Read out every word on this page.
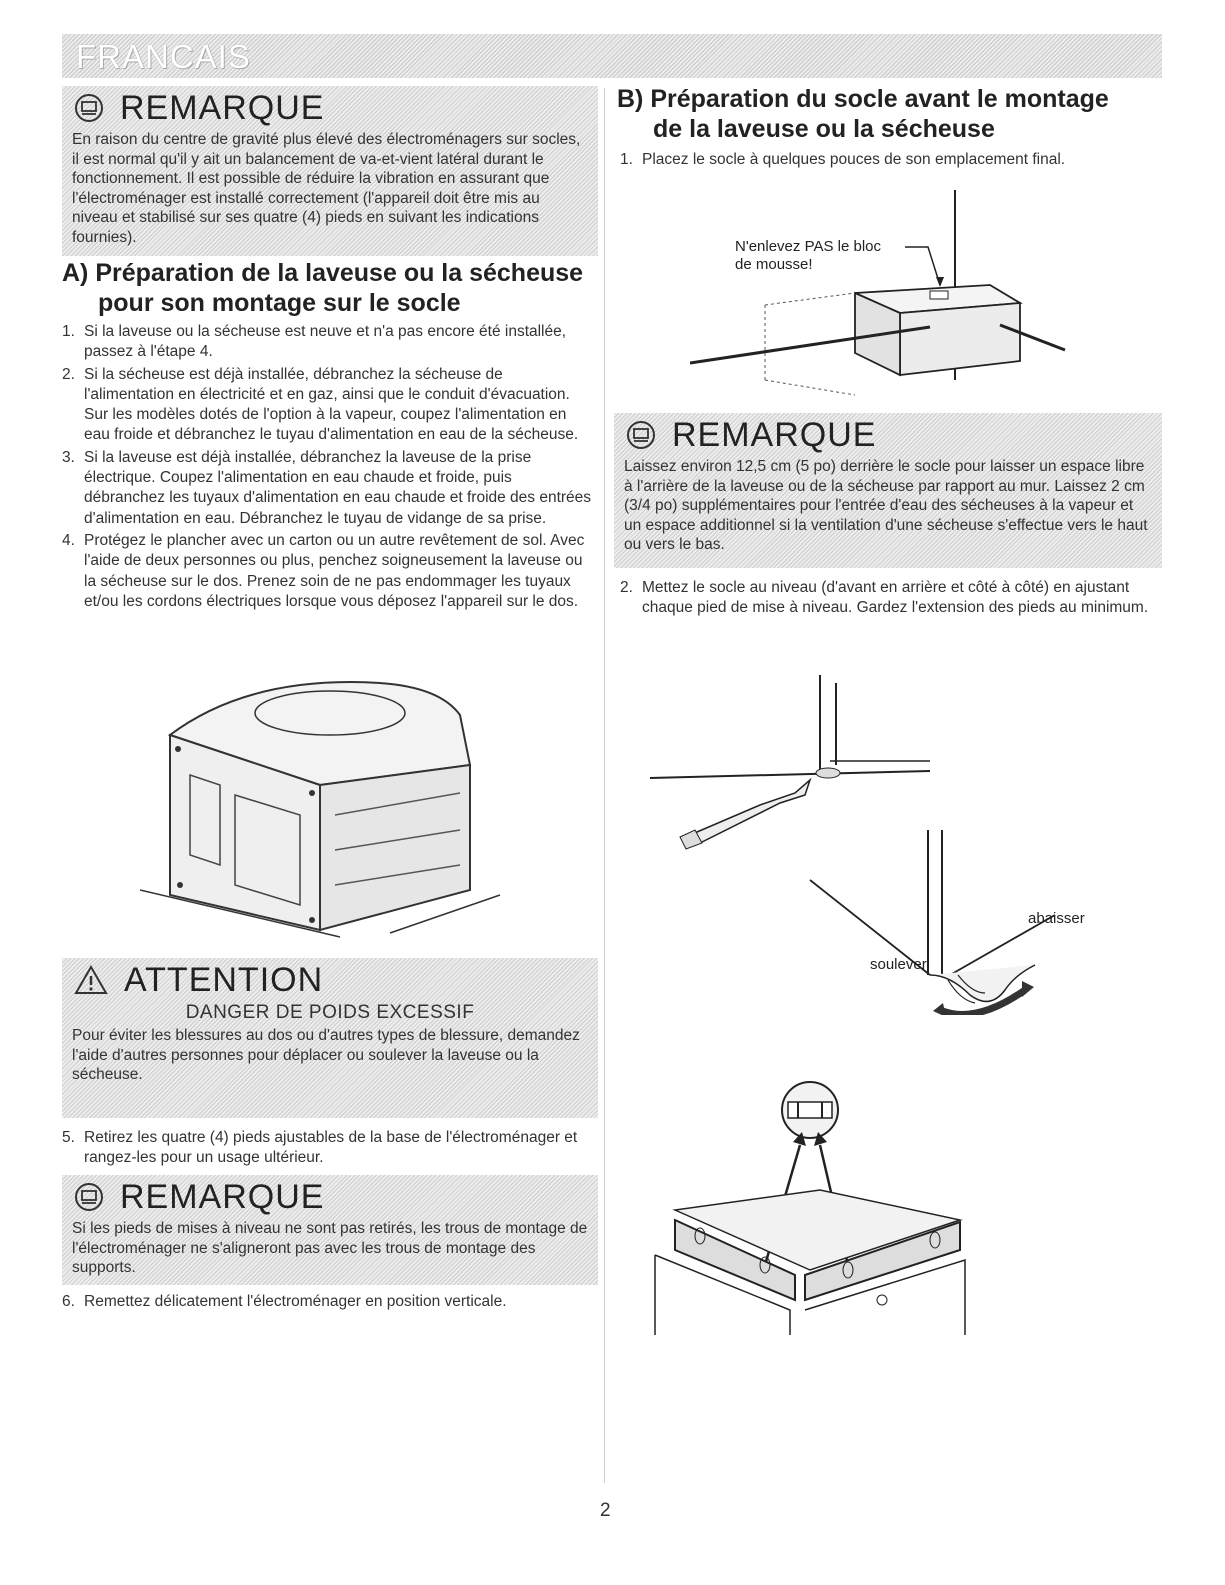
FRANCAIS
REMARQUE
En raison du centre de gravité plus élevé des électroménagers sur socles, il est normal qu'il y ait un balancement de va-et-vient latéral durant le fonctionnement. Il est possible de réduire la vibration en assurant que l'électroménager est installé correctement (l'appareil doit être mis au niveau et stabilisé sur ses quatre (4) pieds en suivant les indications fournies).
A) Préparation de la laveuse ou la sécheuse
pour son montage sur le socle
1. Si la laveuse ou la sécheuse est neuve et n'a pas encore été installée, passez à l'étape 4.
2. Si la sécheuse est déjà installée, débranchez la sécheuse de l'alimentation en électricité et en gaz, ainsi que le conduit d'évacuation. Sur les modèles dotés de l'option à la vapeur, coupez l'alimentation en eau froide et débranchez le tuyau d'alimentation en eau de la sécheuse.
3. Si la laveuse est déjà installée, débranchez la laveuse de la prise électrique. Coupez l'alimentation en eau chaude et froide, puis débranchez les tuyaux d'alimentation en eau chaude et froide des entrées d'alimentation en eau. Débranchez le tuyau de vidange de sa prise.
4. Protégez le plancher avec un carton ou un autre revêtement de sol. Avec l'aide de deux personnes ou plus, penchez soigneusement la laveuse ou la sécheuse sur le dos. Prenez soin de ne pas endommager les tuyaux et/ou les cordons électriques lorsque vous déposez l'appareil sur le dos.
ATTENTION
DANGER DE POIDS EXCESSIF
Pour éviter les blessures au dos ou d'autres types de blessure, demandez l'aide d'autres personnes pour déplacer ou soulever la laveuse ou la sécheuse.
5. Retirez les quatre (4) pieds ajustables de la base de l'électroménager et rangez-les pour un usage ultérieur.
REMARQUE
Si les pieds de mises à niveau ne sont pas retirés, les trous de montage de l'électroménager ne s'aligneront pas avec les trous de montage des supports.
6. Remettez délicatement l'électroménager en position verticale.
B) Préparation du socle avant le montage
de la laveuse ou la sécheuse
1. Placez le socle à quelques pouces de son emplacement final.
N'enlevez PAS le bloc
de mousse!
REMARQUE
Laissez environ 12,5 cm (5 po) derrière le socle pour laisser un espace libre à l'arrière de la laveuse ou de la sécheuse par rapport au mur. Laissez 2 cm (3/4 po) supplémentaires pour l'entrée d'eau des sécheuses à la vapeur et un espace additionnel si la ventilation d'une sécheuse s'effectue vers le haut ou vers le bas.
2. Mettez le socle au niveau (d'avant en arrière et côté à côté) en ajustant chaque pied de mise à niveau. Gardez l'extension des pieds au minimum.
soulever
abaisser
2
